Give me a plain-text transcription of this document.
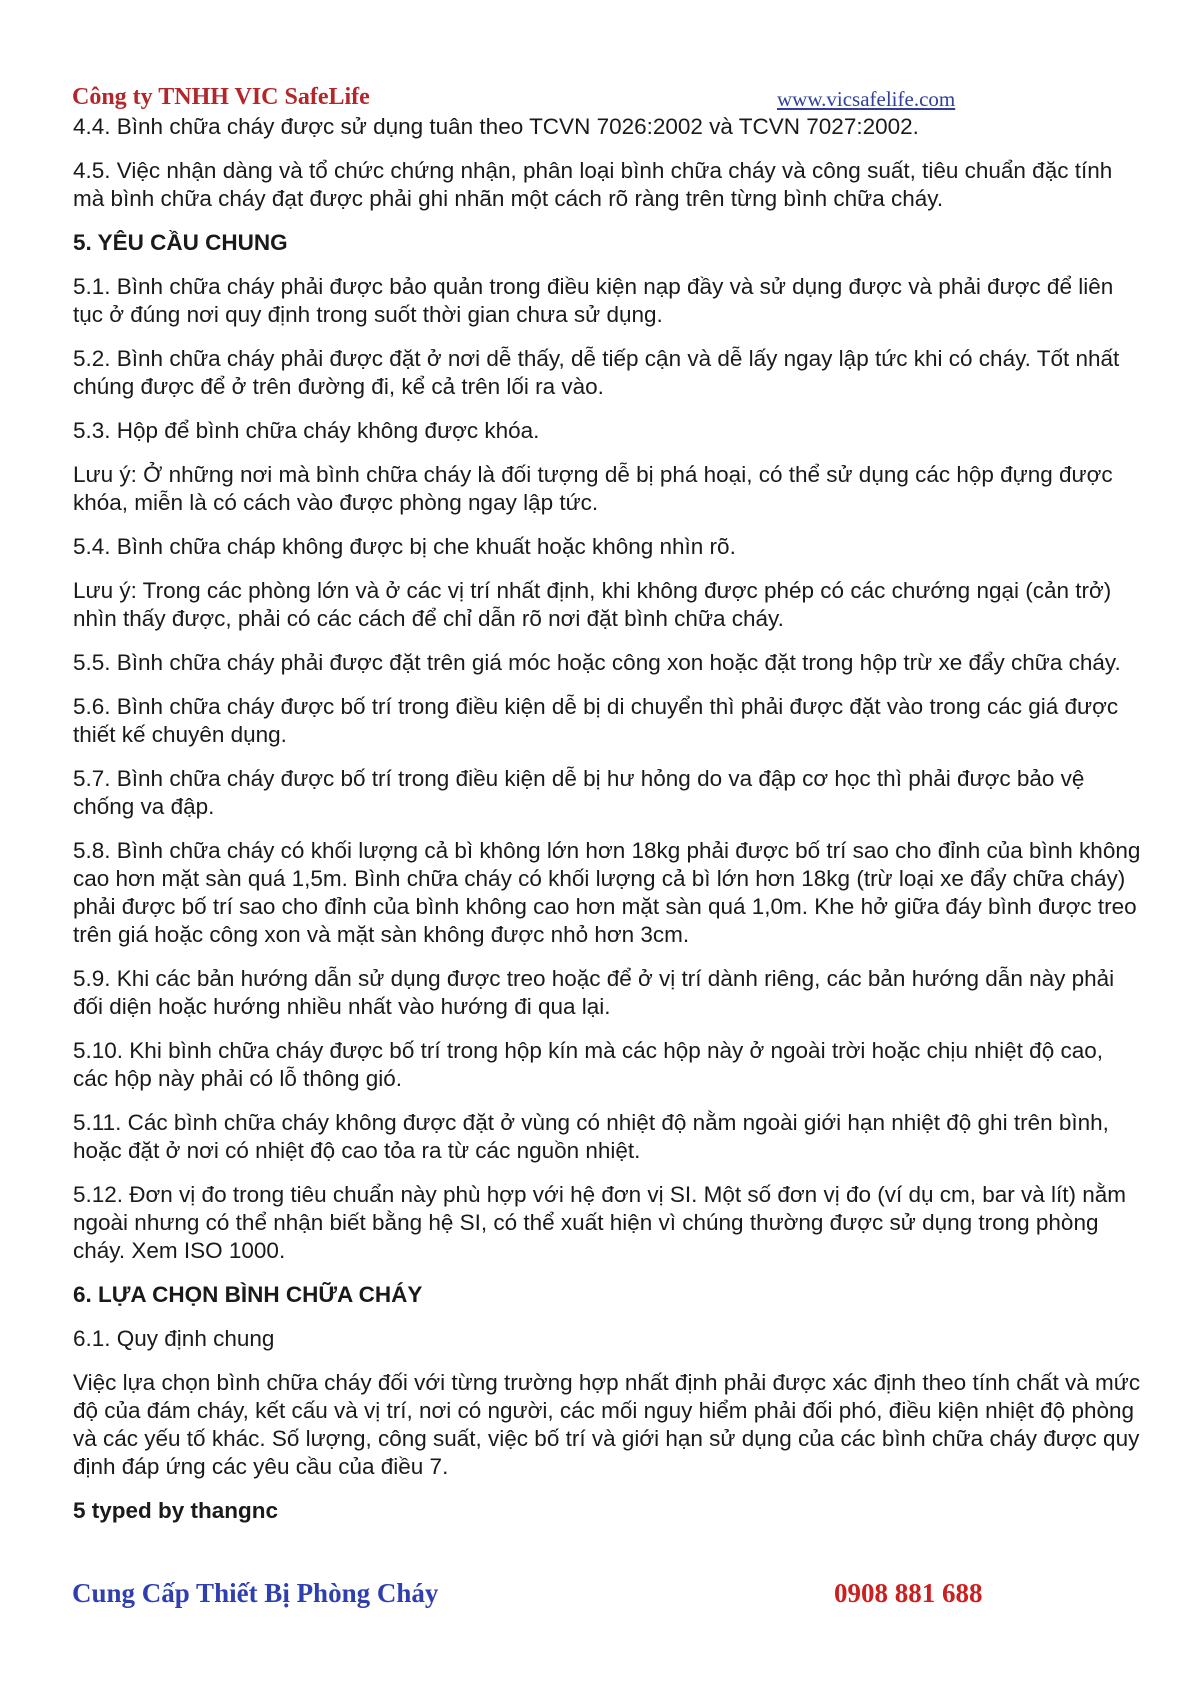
Công ty TNHH VIC SafeLife	www.vicsafelife.com

4.4. Bình chữa cháy được sử dụng tuân theo TCVN 7026:2002 và TCVN 7027:2002.

4.5. Việc nhận dàng và tổ chức chứng nhận, phân loại bình chữa cháy và công suất, tiêu chuẩn đặc tính mà bình chữa cháy đạt được phải ghi nhãn một cách rõ ràng trên từng bình chữa cháy.

5. YÊU CẦU CHUNG

5.1. Bình chữa cháy phải được bảo quản trong điều kiện nạp đầy và sử dụng được và phải được để liên tục ở đúng nơi quy định trong suốt thời gian chưa sử dụng.

5.2. Bình chữa cháy phải được đặt ở nơi dễ thấy, dễ tiếp cận và dễ lấy ngay lập tức khi có cháy. Tốt nhất chúng được để ở trên đường đi, kể cả trên lối ra vào.

5.3. Hộp để bình chữa cháy không được khóa.

Lưu ý: Ở những nơi mà bình chữa cháy là đối tượng dễ bị phá hoại, có thể sử dụng các hộp đựng được khóa, miễn là có cách vào được phòng ngay lập tức.

5.4. Bình chữa cháp không được bị che khuất hoặc không nhìn rõ.

Lưu ý: Trong các phòng lớn và ở các vị trí nhất định, khi không được phép có các chướng ngại (cản trở) nhìn thấy được, phải có các cách để chỉ dẫn rõ nơi đặt bình chữa cháy.

5.5. Bình chữa cháy phải được đặt trên giá móc hoặc công xon hoặc đặt trong hộp trừ xe đẩy chữa cháy.

5.6. Bình chữa cháy được bố trí trong điều kiện dễ bị di chuyển thì phải được đặt vào trong các giá được thiết kế chuyên dụng.

5.7. Bình chữa cháy được bố trí trong điều kiện dễ bị hư hỏng do va đập cơ học thì phải được bảo vệ chống va đập.

5.8. Bình chữa cháy có khối lượng cả bì không lớn hơn 18kg phải được bố trí sao cho đỉnh của bình không cao hơn mặt sàn quá 1,5m. Bình chữa cháy có khối lượng cả bì lớn hơn 18kg (trừ loại xe đẩy chữa cháy) phải được bố trí sao cho đỉnh của bình không cao hơn mặt sàn quá 1,0m. Khe hở giữa đáy bình được treo trên giá hoặc công xon và mặt sàn không được nhỏ hơn 3cm.

5.9. Khi các bản hướng dẫn sử dụng được treo hoặc để ở vị trí dành riêng, các bản hướng dẫn này phải đối diện hoặc hướng nhiều nhất vào hướng đi qua lại.

5.10. Khi bình chữa cháy được bố trí trong hộp kín mà các hộp này ở ngoài trời hoặc chịu nhiệt độ cao, các hộp này phải có lỗ thông gió.

5.11. Các bình chữa cháy không được đặt ở vùng có nhiệt độ nằm ngoài giới hạn nhiệt độ ghi trên bình, hoặc đặt ở nơi có nhiệt độ cao tỏa ra từ các nguồn nhiệt.

5.12. Đơn vị đo trong tiêu chuẩn này phù hợp với hệ đơn vị SI. Một số đơn vị đo (ví dụ cm, bar và lít) nằm ngoài nhưng có thể nhận biết bằng hệ SI, có thể xuất hiện vì chúng thường được sử dụng trong phòng cháy. Xem ISO 1000.

6. LỰA CHỌN BÌNH CHỮA CHÁY

6.1. Quy định chung

Việc lựa chọn bình chữa cháy đối với từng trường hợp nhất định phải được xác định theo tính chất và mức độ của đám cháy, kết cấu và vị trí, nơi có người, các mối nguy hiểm phải đối phó, điều kiện nhiệt độ phòng và các yếu tố khác. Số lượng, công suất, việc bố trí và giới hạn sử dụng của các bình chữa cháy được quy định đáp ứng các yêu cầu của điều 7.

5 typed by thangnc

Cung Cấp Thiết Bị Phòng Cháy	0908 881 688
